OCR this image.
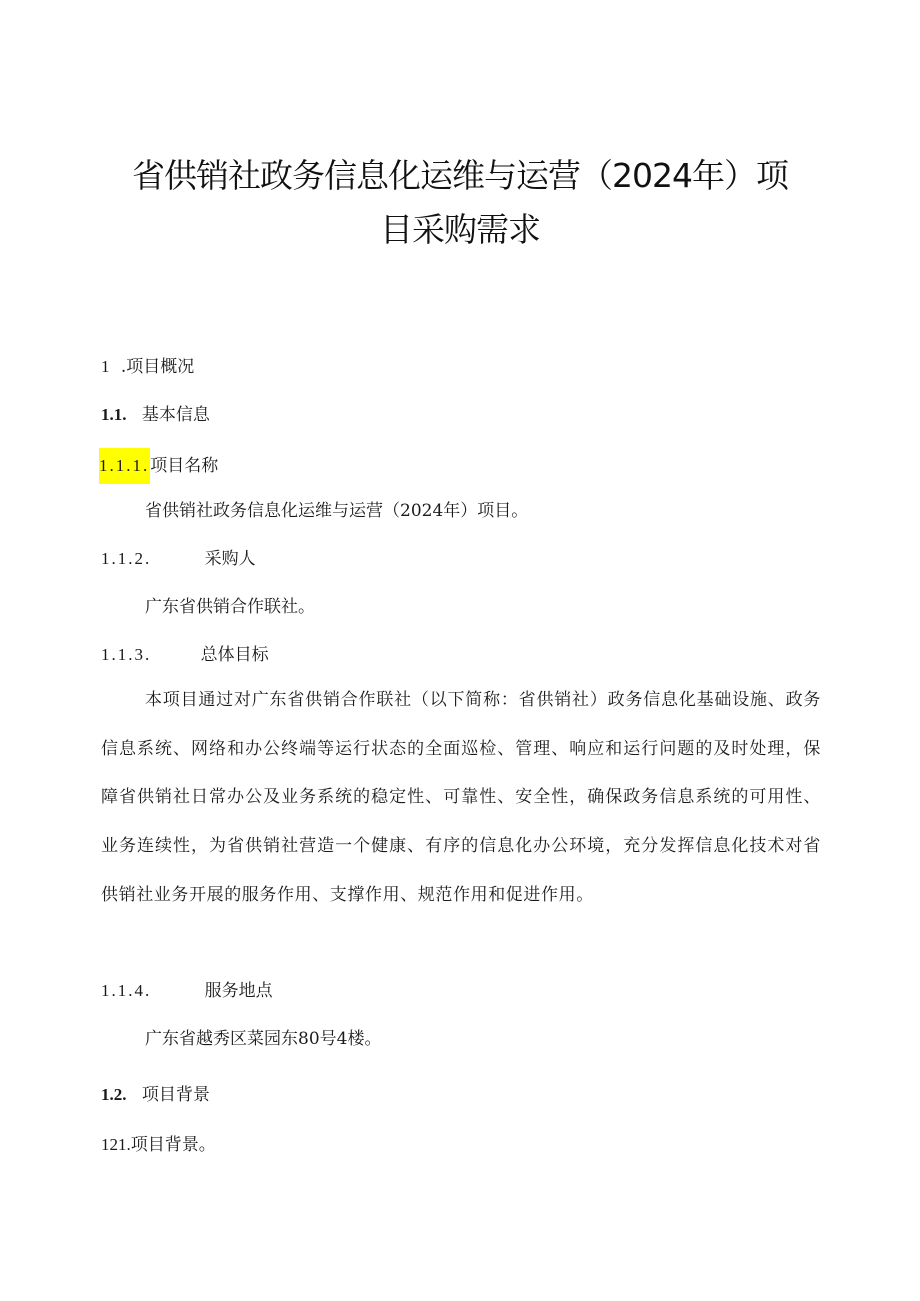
省供销社政务信息化运维与运营（2024年）项
目采购需求
1 .项目概况
1.1. 基本信息
1.1.1.项目名称
省供销社政务信息化运维与运营（2024年）项目。
1.1.2.	采购人
广东省供销合作联社。
1.1.3.	总体目标
本项目通过对广东省供销合作联社（以下简称：省供销社）政务信息化基础设施、政务信息系统、网络和办公终端等运行状态的全面巡检、管理、响应和运行问题的及时处理，保障省供销社日常办公及业务系统的稳定性、可靠性、安全性，确保政务信息系统的可用性、业务连续性，为省供销社营造一个健康、有序的信息化办公环境，充分发挥信息化技术对省供销社业务开展的服务作用、支撑作用、规范作用和促进作用。
1.1.4.	服务地点
广东省越秀区菜园东80号4楼。
1.2. 项目背景
121.项目背景。
